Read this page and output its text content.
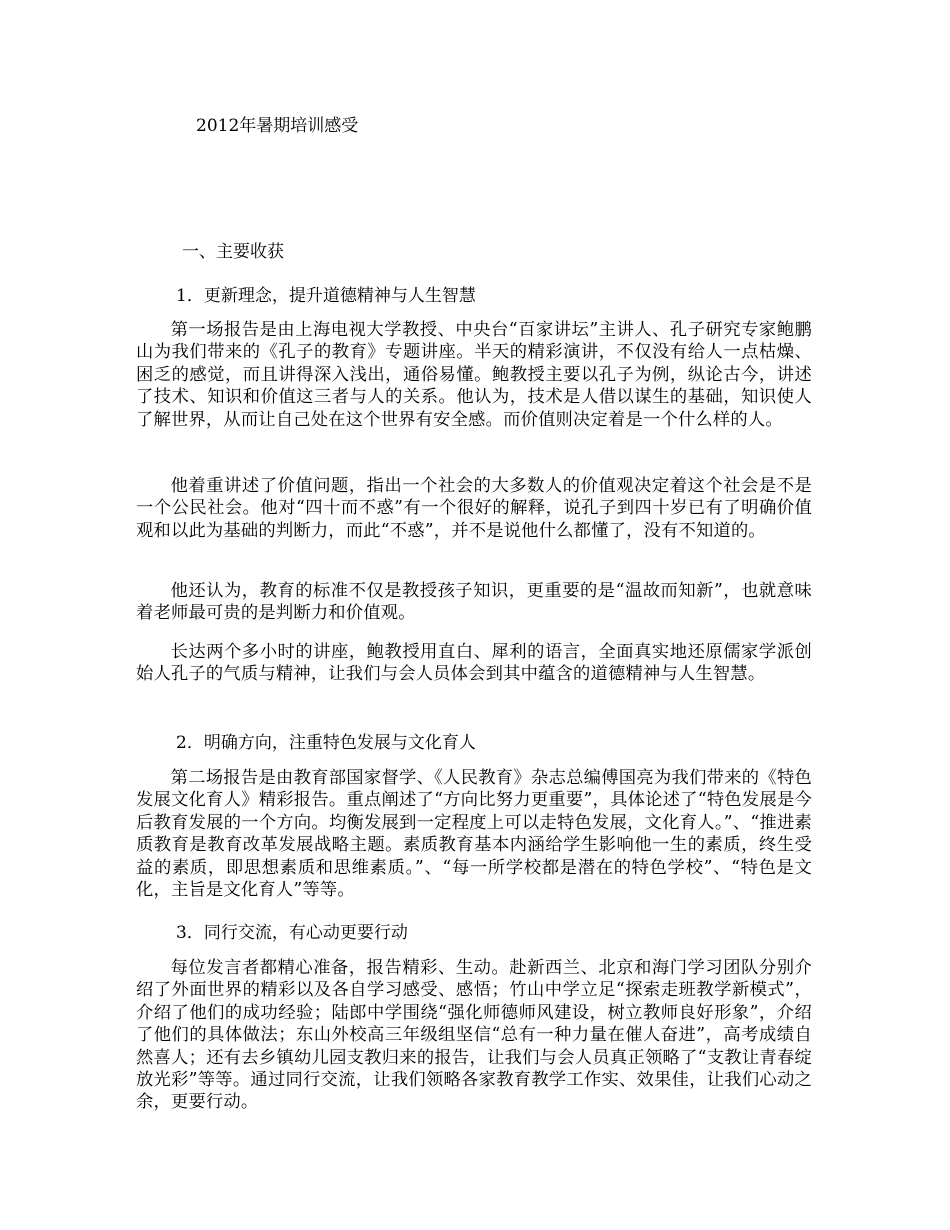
2012年暑期培训感受
一、主要收获
1．更新理念，提升道德精神与人生智慧

第一场报告是由上海电视大学教授、中央台“百家讲坛”主讲人、孔子研究专家鲍鹏山为我们带来的《孔子的教育》专题讲座。半天的精彩演讲，不仅没有给人一点枯燥、困乏的感觉，而且讲得深入浅出，通俗易懂。鲍教授主要以孔子为例，纵论古今，讲述了技术、知识和价值这三者与人的关系。他认为，技术是人借以谋生的基础，知识使人了解世界，从而让自己处在这个世界有安全感。而价值则决定着是一个什么样的人。

他着重讲述了价值问题，指出一个社会的大多数人的价值观决定着这个社会是不是一个公民社会。他对“四十而不惑”有一个很好的解释，说孔子到四十岁已有了明确价值观和以此为基础的判断力，而此“不惑”，并不是说他什么都懂了，没有不知道的。

他还认为，教育的标准不仅是教授孩子知识，更重要的是“温故而知新”，也就意味着老师最可贵的是判断力和价值观。

长达两个多小时的讲座，鲍教授用直白、犀利的语言，全面真实地还原儒家学派创始人孔子的气质与精神，让我们与会人员体会到其中蕴含的道德精神与人生智慧。

2．明确方向，注重特色发展与文化育人

第二场报告是由教育部国家督学、《人民教育》杂志总编傅国亮为我们带来的《特色发展文化育人》精彩报告。重点阐述了“方向比努力更重要”，具体论述了“特色发展是今后教育发展的一个方向。均衡发展到一定程度上可以走特色发展，文化育人。”、“推进素质教育是教育改革发展战略主题。素质教育基本内涵给学生影响他一生的素质，终生受益的素质，即思想素质和思维素质。”、“每一所学校都是潜在的特色学校”、“特色是文化，主旨是文化育人”等等。

3．同行交流，有心动更要行动

每位发言者都精心准备，报告精彩、生动。赴新西兰、北京和海门学习团队分别介绍了外面世界的精彩以及各自学习感受、感悟；竹山中学立足“探索走班教学新模式”，介绍了他们的成功经验；陆郎中学围绕“强化师德师风建设，树立教师良好形象”，介绍了他们的具体做法；东山外校高三年级组坚信“总有一种力量在催人奋进”，高考成绩自然喜人；还有去乡镇幼儿园支教归来的报告，让我们与会人员真正领略了“支教让青春绽放光彩”等等。通过同行交流，让我们领略各家教育教学工作实、效果佳，让我们心动之余，更要行动。
